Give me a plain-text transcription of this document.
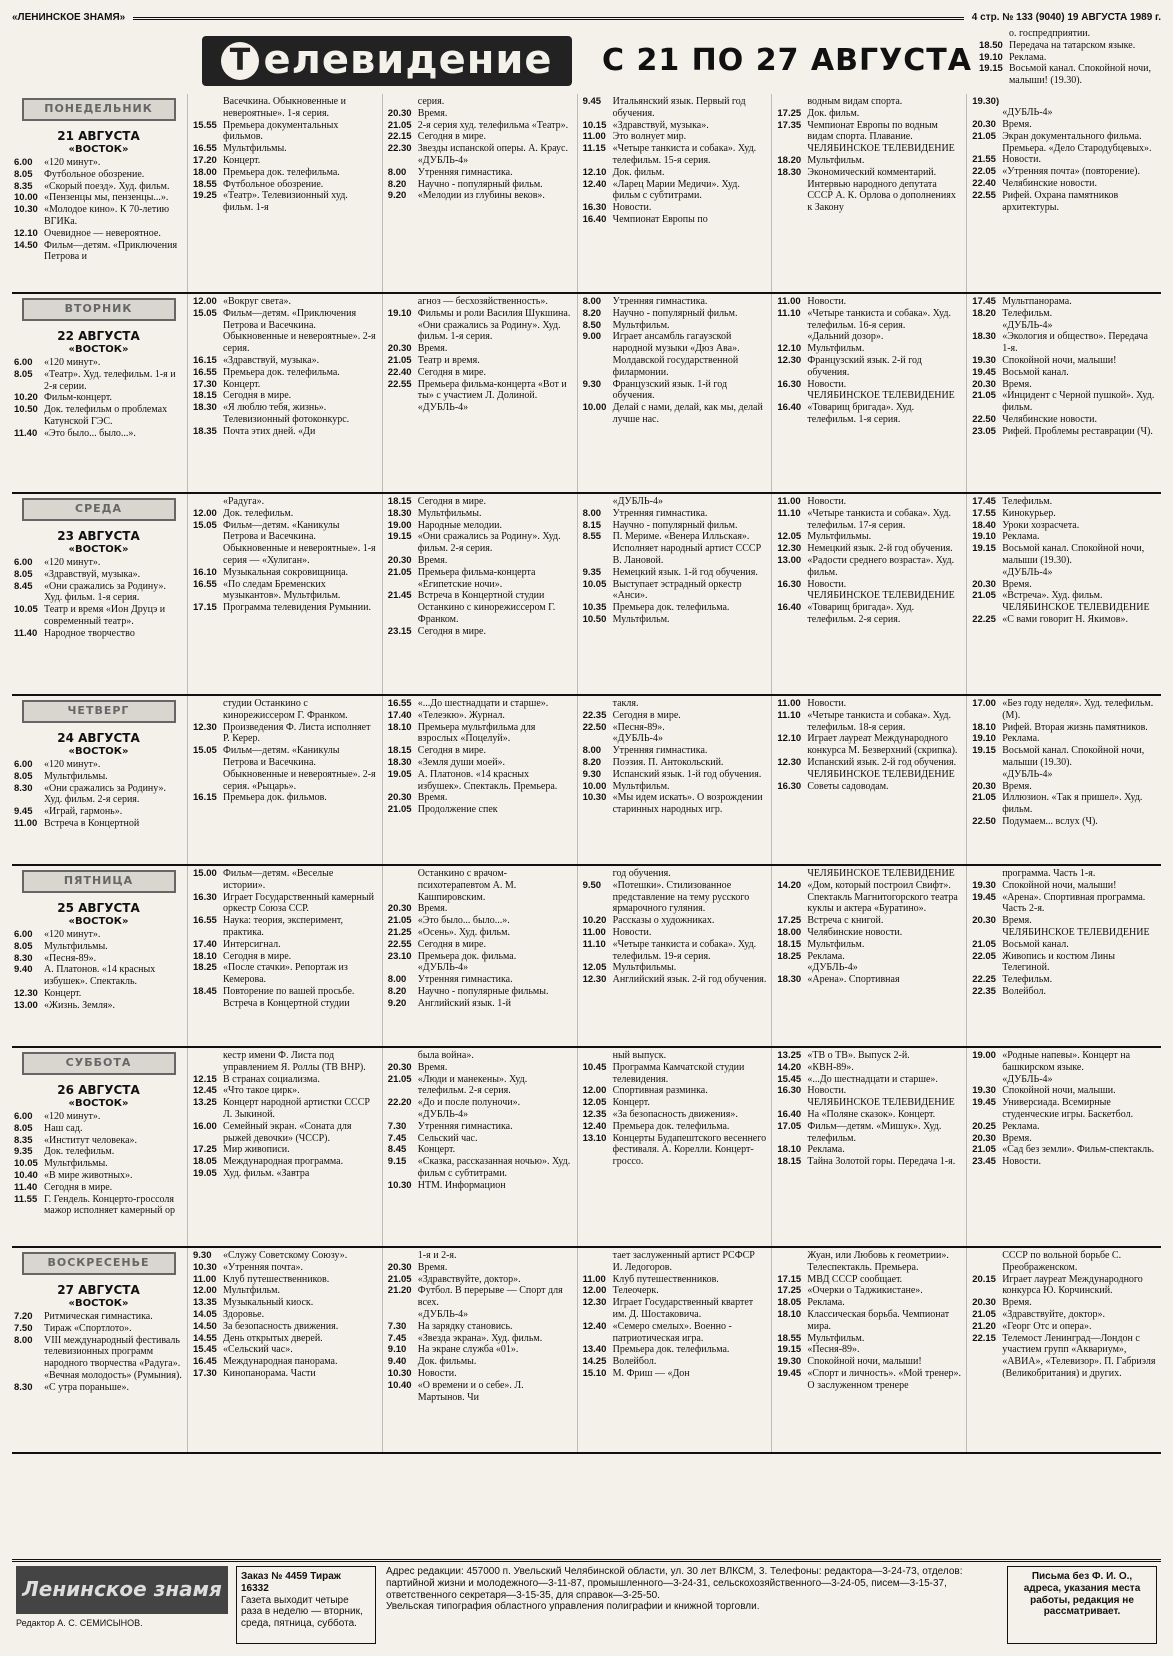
«ЛЕНИНСКОЕ ЗНАМЯ»	4 стр. № 133 (9040) 19 АВГУСТА 1989 г.
Т елевидение С 21 ПО 27 АВГУСТА
о. госпредприятии.
18.50 Передача на татарском языке.
19.10 Реклама.
19.15 Восьмой канал. Спокойной ночи, малыши! (19.30).
ПОНЕДЕЛЬНИК
21 АВГУСТА
«ВОСТОК»
6.00	«120 минут».
8.05	Футбольное обозрение.
8.35	«Скорый поезд». Худ. фильм.
10.00 «Пензенцы мы, пензенцы...».
10.30 «Молодое кино». К 70-летию ВГИКа.
12.10 Очевидное — невероятное.
14.50 Фильм—детям. «Приключения Петрова и
Васечкина. Обыкновенные и невероятные». 1-я серия.
15.55 Премьера документальных фильмов.
16.55 Мультфильмы.
17.20 Концерт.
18.00 Премьера док. телефильма.
18.55 Футбольное обозрение.
19.25 «Театр». Телевизионный худ. фильм. 1-я
серия.
20.30 Время.
21.05 2-я серия худ. телефильма «Театр».
22.15 Сегодня в мире.
22.30 Звезды испанской оперы. А. Краус.
«ДУБЛЬ-4»
8.00	Утренняя гимнастика.
8.20	Научно - популярный фильм.
9.20	«Мелодии из глубины веков».
9.45	Итальянский язык. Первый год обучения.
10.15 «Здравствуй, музыка».
11.00 Это волнует мир.
11.15 «Четыре танкиста и собака». Худ. телефильм. 15-я серия.
12.10 Док. фильм.
12.40 «Ларец Марии Медичи». Худ. фильм с субтитрами.
16.30 Новости.
16.40 Чемпионат Европы по
водным видам спорта.
17.25 Док. фильм.
17.35 Чемпионат Европы по водным видам спорта. Плавание.
ЧЕЛЯБИНСКОЕ ТЕЛЕВИДЕНИЕ
18.20 Мультфильм.
18.30 Экономический комментарий. Интервью народного депутата СССР А. К. Орлова о дополнениях к Закону
19.30)
«ДУБЛЬ-4»
20.30 Время.
21.05 Экран документального фильма. Премьера. «Дело Стародубцевых».
21.55 Новости.
22.05 «Утренняя почта» (повторение).
22.40 Челябинские новости.
22.55 Рифей. Охрана памятников архитектуры.
ВТОРНИК
22 АВГУСТА
«ВОСТОК»
6.00	«120 минут».
8.05	«Театр». Худ. телефильм. 1-я и 2-я серии.
10.20 Фильм-концерт.
10.50 Док. телефильм о проблемах Катунской ГЭС.
11.40 «Это было... было...».
12.00 «Вокруг света».
15.05 Фильм—детям. «Приключения Петрова и Васечкина. Обыкновенные и невероятные». 2-я серия.
16.15 «Здравствуй, музыка».
16.55 Премьера док. телефильма.
17.30 Концерт.
18.15 Сегодня в мире.
18.30 «Я люблю тебя, жизнь». Телевизионный фотоконкурс.
18.35 Почта этих дней. «Ди
агноз — бесхозяйственность».
19.10 Фильмы и роли Василия Шукшина. «Они сражались за Родину». Худ. фильм. 1-я серия.
20.30 Время.
21.05 Театр и время.
22.40 Сегодня в мире.
22.55 Премьера фильма-концерта «Вот и ты» с участием Л. Долиной.
«ДУБЛЬ-4»
8.00	Утренняя гимнастика.
8.20	Научно - популярный фильм.
8.50	Мультфильм.
9.00	Играет ансамбль гагаузской народной музыки «Дюз Ава». Молдавской государственной филармонии.
9.30	Французский язык. 1-й год обучения.
10.00 Делай с нами, делай, как мы, делай лучше нас.
11.00 Новости.
11.10 «Четыре танкиста и собака». Худ. телефильм. 16-я серия.
«Дальний дозор».
12.10 Мультфильм.
12.30 Французский язык. 2-й год обучения.
16.30 Новости.
ЧЕЛЯБИНСКОЕ ТЕЛЕВИДЕНИЕ
16.40 «Товарищ бригада». Худ. телефильм. 1-я серия.
17.45 Мультпанорама.
18.20 Телефильм.
«ДУБЛЬ-4»
18.30 «Экология и общество». Передача 1-я.
19.30 Спокойной ночи, малыши!
19.45 Восьмой канал.
20.30 Время.
21.05 «Инцидент с Черной пушкой». Худ. фильм.
22.50 Челябинские новости.
23.05 Рифей. Проблемы реставрации (Ч).
СРЕДА
23 АВГУСТА
«ВОСТОК»
6.00	«120 минут».
8.05	«Здравствуй, музыка».
8.45	«Они сражались за Родину». Худ. фильм. 1-я серия.
10.05 Театр и время «Ион Друцэ и современный театр».
11.40 Народное творчество
«Радуга».
12.00 Док. телефильм.
15.05 Фильм—детям. «Каникулы Петрова и Васечкина. Обыкновенные и невероятные». 1-я серия — «Хулиган».
16.10 Музыкальная сокровищница.
16.55 «По следам Бременских музыкантов». Мультфильм.
17.15 Программа телевидения Румынии.
18.15 Сегодня в мире.
18.30 Мультфильмы.
19.00 Народные мелодии.
19.15 «Они сражались за Родину». Худ. фильм. 2-я серия.
20.30 Время.
21.05 Премьера фильма-концерта «Египетские ночи».
21.45 Встреча в Концертной студии Останкино с кинорежиссером Г. Франком.
23.15 Сегодня в мире.
«ДУБЛЬ-4»
8.00	Утренняя гимнастика.
8.15	Научно - популярный фильм.
8.55	П. Мериме. «Венера Илльская». Исполняет народный артист СССР В. Лановой.
9.35	Немецкий язык. 1-й год обучения.
10.05 Выступает эстрадный оркестр «Анси».
10.35 Премьера док. телефильма.
10.50 Мультфильм.
11.00 Новости.
11.10 «Четыре танкиста и собака». Худ. телефильм. 17-я серия.
12.05 Мультфильмы.
12.30 Немецкий язык. 2-й год обучения.
13.00 «Радости среднего возраста». Худ. фильм.
16.30 Новости.
ЧЕЛЯБИНСКОЕ ТЕЛЕВИДЕНИЕ
16.40 «Товарищ бригада». Худ. телефильм. 2-я серия.
17.45 Телефильм.
17.55 Кинокурьер.
18.40 Уроки хозрасчета.
19.10 Реклама.
19.15 Восьмой канал. Спокойной ночи, малыши (19.30).
«ДУБЛЬ-4»
20.30 Время.
21.05 «Встреча». Худ. фильм.
ЧЕЛЯБИНСКОЕ ТЕЛЕВИДЕНИЕ
22.25 «С вами говорит Н. Якимов».
ЧЕТВЕРГ
24 АВГУСТА
«ВОСТОК»
6.00	«120 минут».
8.05	Мультфильмы.
8.30	«Они сражались за Родину». Худ. фильм. 2-я серия.
9.45	«Играй, гармонь».
11.00 Встреча в Концертной
студии Останкино с кинорежиссером Г. Франком.
12.30 Произведения Ф. Листа исполняет Р. Керер.
15.05 Фильм—детям. «Каникулы Петрова и Васечкина. Обыкновенные и невероятные». 2-я серия. «Рыцарь».
16.15 Премьера док. фильмов.
16.55 «...До шестнадцати и старше».
17.40 «Телеэкю». Журнал.
18.10 Премьера мультфильма для взрослых «Поцелуй».
18.15 Сегодня в мире.
18.30 «Земля души моей».
19.05 А. Платонов. «14 красных избушек». Спектакль. Премьера.
20.30 Время.
21.05 Продолжение спек
такля.
22.35 Сегодня в мире.
22.50 «Песня-89».
«ДУБЛЬ-4»
8.00	Утренняя гимнастика.
8.20	Поэзия. П. Антокольский.
9.30	Испанский язык. 1-й год обучения.
10.00 Мультфильм.
10.30 «Мы идем искать». О возрождении старинных народных игр.
11.00 Новости.
11.10 «Четыре танкиста и собака». Худ. телефильм. 18-я серия.
12.10 Играет лауреат Международного конкурса М. Безверхний (скрипка).
12.30 Испанский язык. 2-й год обучения.
ЧЕЛЯБИНСКОЕ ТЕЛЕВИДЕНИЕ
16.30 Советы садоводам.
17.00 «Без году неделя». Худ. телефильм. (М).
18.10 Рифей. Вторая жизнь памятников.
19.10 Реклама.
19.15 Восьмой канал. Спокойной ночи, малыши (19.30).
«ДУБЛЬ-4»
20.30 Время.
21.05 Иллюзион. «Так я пришел». Худ. фильм.
22.50 Подумаем... вслух (Ч).
ПЯТНИЦА
25 АВГУСТА
«ВОСТОК»
6.00	«120 минут».
8.05	Мультфильмы.
8.30	«Песня-89».
9.40	А. Платонов. «14 красных избушек». Спектакль.
12.30 Концерт.
13.00 «Жизнь. Земля».
15.00 Фильм—детям. «Веселые истории».
16.30 Играет Государственный камерный оркестр Союза ССР.
16.55 Наука: теория, эксперимент, практика.
17.40 Интерсигнал.
18.10 Сегодня в мире.
18.25 «После стачки». Репортаж из Кемерова.
18.45 Повторение по вашей просьбе. Встреча в Концертной студии
Останкино с врачом-психотерапевтом А. М. Кашпировским.
20.30 Время.
21.05 «Это было... было...».
21.25 «Осень». Худ. фильм.
22.55 Сегодня в мире.
23.10 Премьера док. фильма.
«ДУБЛЬ-4»
8.00	Утренняя гимнастика.
8.20	Научно - популярные фильмы.
9.20	Английский язык. 1-й
год обучения.
9.50	«Потешки». Стилизованное представление на тему русского ярмарочного гуляния.
10.20 Рассказы о художниках.
11.00 Новости.
11.10 «Четыре танкиста и собака». Худ. телефильм. 19-я серия.
12.05 Мультфильмы.
12.30 Английский язык. 2-й год обучения.
ЧЕЛЯБИНСКОЕ ТЕЛЕВИДЕНИЕ
14.20 «Дом, который построил Свифт». Спектакль Магнитогорского театра куклы и актера «Буратино».
17.25 Встреча с книгой.
18.00 Челябинские новости.
18.15 Мультфильм.
18.25 Реклама.
«ДУБЛЬ-4»
18.30 «Арена». Спортивная
программа. Часть 1-я.
19.30 Спокойной ночи, малыши!
19.45 «Арена». Спортивная программа. Часть 2-я.
20.30 Время.
ЧЕЛЯБИНСКОЕ ТЕЛЕВИДЕНИЕ
21.05 Восьмой канал.
22.05 Живопись и костюм Лины Телегиной.
22.25 Телефильм.
22.35 Волейбол.
СУББОТА
26 АВГУСТА
«ВОСТОК»
6.00	«120 минут».
8.05	Наш сад.
8.35	«Институт человека».
9.35	Док. телефильм.
10.05 Мультфильмы.
10.40 «В мире животных».
11.40 Сегодня в мире.
11.55 Г. Гендель. Концерто-гроссоля мажор исполняет камерный ор
кестр имени Ф. Листа под управлением Я. Роллы (ТВ ВНР).
12.15 В странах социализма.
12.45 «Что такое цирк».
13.25 Концерт народной артистки СССР Л. Зыкиной.
16.00 Семейный экран. «Соната для рыжей девочки» (ЧССР).
17.25 Мир живописи.
18.05 Международная программа.
19.05 Худ. фильм. «Завтра
была война».
20.30 Время.
21.05 «Люди и манекены». Худ. телефильм. 2-я серия.
22.20 «До и после полуночи».
«ДУБЛЬ-4»
7.30	Утренняя гимнастика.
7.45	Сельский час.
8.45	Концерт.
9.15	«Сказка, рассказанная ночью». Худ. фильм с субтитрами.
10.30 НТМ. Информацион
ный выпуск.
10.45 Программа Камчатской студии телевидения.
12.00 Спортивная разминка.
12.05 Концерт.
12.35 «За безопасность движения».
12.40 Премьера док. телефильма.
13.10 Концерты Будапештского весеннего фестиваля. А. Корелли. Концерт-гроссо.
13.25 «ТВ о ТВ». Выпуск 2-й.
14.20 «КВН-89».
15.45 «...До шестнадцати и старше».
16.30 Новости.
ЧЕЛЯБИНСКОЕ ТЕЛЕВИДЕНИЕ
16.40 На «Поляне сказок». Концерт.
17.05 Фильм—детям. «Мишук». Худ. телефильм.
18.10 Реклама.
18.15 Тайна Золотой горы. Передача 1-я.
19.00 «Родные напевы». Концерт на башкирском языке.
«ДУБЛЬ-4»
19.30 Спокойной ночи, малыши.
19.45 Универсиада. Всемирные студенческие игры. Баскетбол.
20.25 Реклама.
20.30 Время.
21.05 «Сад без земли». Фильм-спектакль.
23.45 Новости.
ВОСКРЕСЕНЬЕ
27 АВГУСТА
«ВОСТОК»
7.20	Ритмическая гимнастика.
7.50	Тираж «Спортлото».
8.00	VIII международный фестиваль телевизионных программ народного творчества «Радуга». «Вечная молодость» (Румыния).
8.30	«С утра пораньше».
9.30	«Служу Советскому Союзу».
10.30 «Утренняя почта».
11.00 Клуб путешественников.
12.00 Мультфильм.
13.35 Музыкальный киоск.
14.05 Здоровье.
14.50 За безопасность движения.
14.55 День открытых дверей.
15.45 «Сельский час».
16.45 Международная панорама.
17.30 Кинопанорама. Части
1-я и 2-я.
20.30 Время.
21.05 «Здравствуйте, доктор».
21.20 Футбол. В перерыве — Спорт для всех.
«ДУБЛЬ-4»
7.30	На зарядку становись.
7.45	«Звезда экрана». Худ. фильм.
9.10	На экране служба «01».
9.40	Док. фильмы.
10.30 Новости.
10.40 «О времени и о себе». Л. Мартынов. Чи
тает заслуженный артист РСФСР И. Ледогоров.
11.00 Клуб путешественников.
12.00 Телеочерк.
12.30 Играет Государственный квартет им. Д. Шостаковича.
12.40 «Семеро смелых». Военно - патриотическая игра.
13.40 Премьера док. телефильма.
14.25 Волейбол.
15.10 М. Фриш — «Дон
Жуан, или Любовь к геометрии». Телеспектакль. Премьера.
17.15 МВД СССР сообщает.
17.25 «Очерки о Таджикистане».
18.05 Реклама.
18.10 Классическая борьба. Чемпионат мира.
18.55 Мультфильм.
19.15 «Песня-89».
19.30 Спокойной ночи, малыши!
19.45 «Спорт и личность». «Мой тренер». О заслуженном тренере
СССР по вольной борьбе С. Преображенском.
20.15 Играет лауреат Международного конкурса Ю. Корчинский.
20.30 Время.
21.05 «Здравствуйте, доктор».
21.20 «Георг Отс и опера».
22.15 Телемост Ленинград—Лондон с участием групп «Аквариум», «АВИА», «Телевизор». П. Габриэля (Великобритания) и других.
Ленинское знамя
Редактор А. С. СЕМИСЫНОВ.
Заказ № 4459 Тираж 16332
Газета выходит четыре раза в неделю — вторник, среда, пятница, суббота.
Адрес редакции: 457000 п. Увельский Челябинской области, ул. 30 лет ВЛКСМ, 3. Телефоны: редактора—3-24-73, отделов: партийной жизни и молодежного—3-11-87, промышленного—3-24-31, сельскохозяйственного—3-24-05, писем—3-15-37, ответственного секретаря—3-15-35, для справок—3-25-50.
Увельская типография областного управления полиграфии и книжной торговли.
Письма без Ф. И. О., адреса, указания места работы, редакция не рассматривает.
